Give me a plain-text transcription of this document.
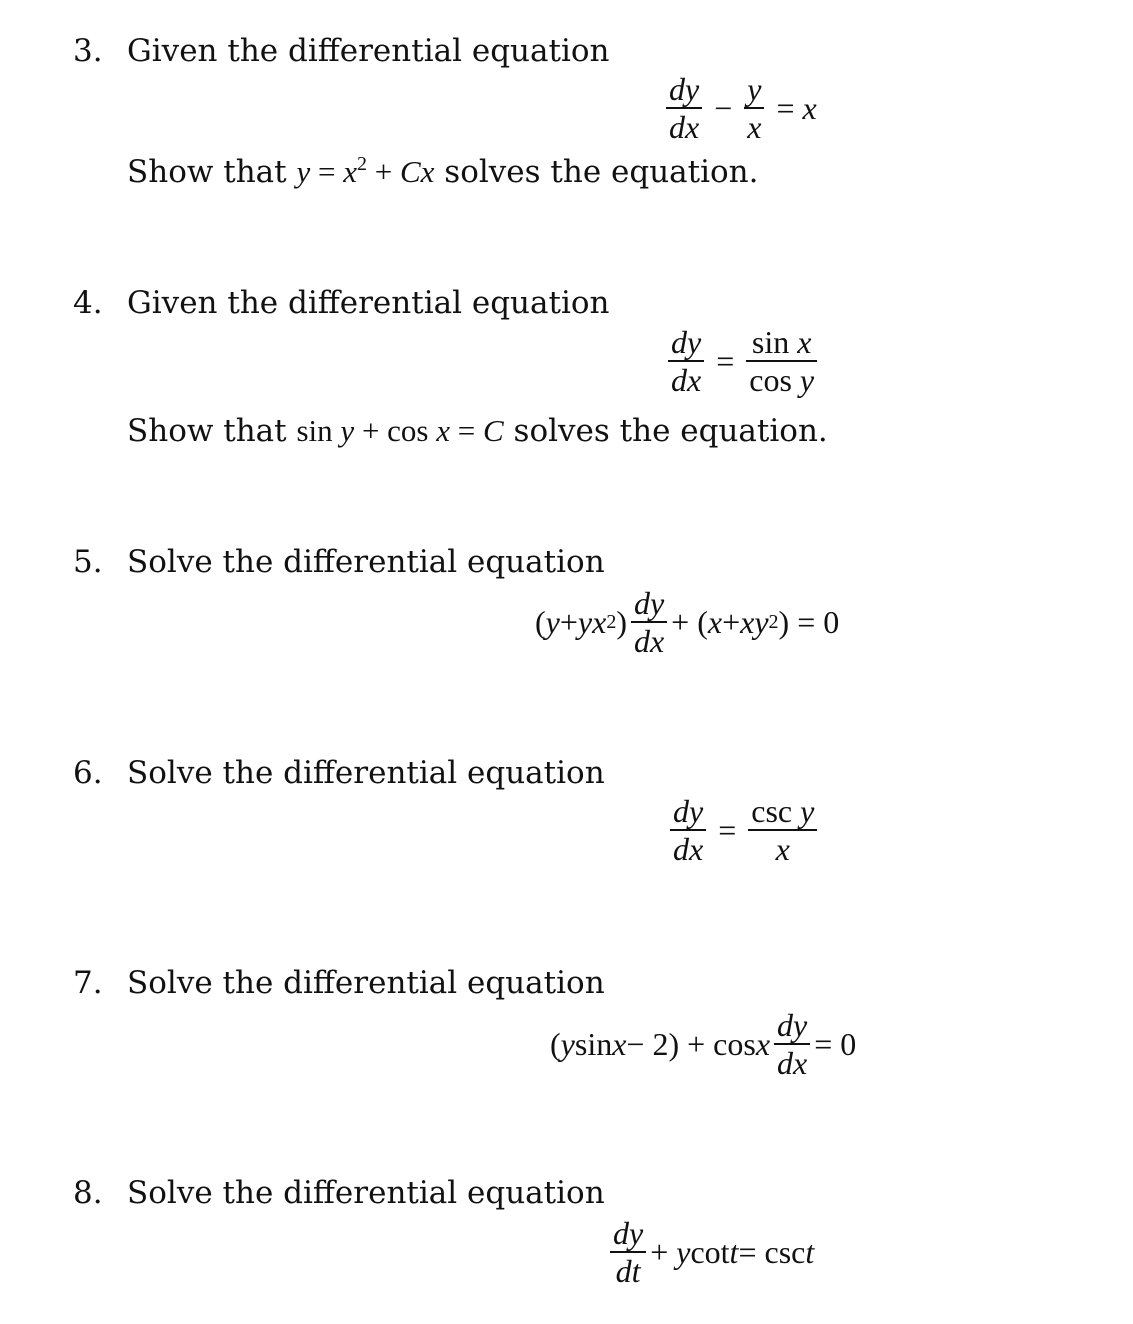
3. Given the differential equation
$\frac{dy}{dx} - \frac{y}{x} = x$
Show that $y = x^2 + Cx$ solves the equation.
4. Given the differential equation
$\frac{dy}{dx} = \frac{\text{sin x}}{\text{cos y}}$
Show that sin y + cos x = C solves the equation.
5. Solve the differential equation
( y + yx 2 ) $\frac{dy}{dx}$ + ( x + xy 2 ) = 0
6. Solve the differential equation
$\frac{dy}{dx} = \frac{\text{csc y}}{x}$
7. Solve the differential equation
( y sin x − 2) + cos x $\frac{dy}{dx} = 0$
8. Solve the differential equation
$\frac{dy}{dt} + y$ cot t = csc t
